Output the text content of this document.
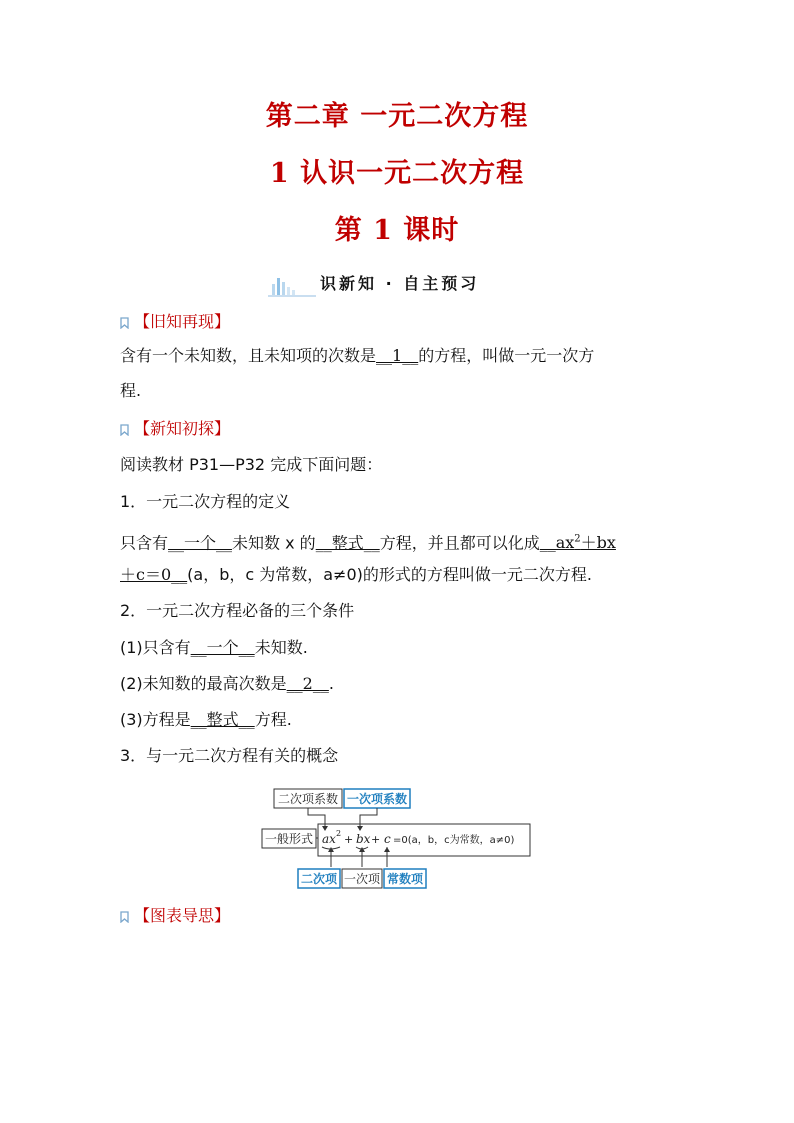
第二章 一元二次方程
1 认识一元二次方程
第 1 课时
识新知 · 自主预习
【旧知再现】
含有一个未知数，且未知项的次数是__1__的方程，叫做一元一次方
程.
【新知初探】
阅读教材 P31—P32 完成下面问题：
1．一元二次方程的定义
只含有__一个__未知数 x 的__整式__方程，并且都可以化成$\_\_ax^2+bx$
＋c＝0__(a，b，c 为常数，a≠0)的形式的方程叫做一元二次方程.
2．一元二次方程必备的三个条件
(1)只含有__一个__未知数.
(2)未知数的最高次数是__2__.
(3)方程是__整式__方程.
3．与一元二次方程有关的概念
二次项系数 一次项系数
一般形式 ax 2 + bx + c =0(a，b，c为常数，a≠0)
二次项 一次项 常数项
【图表导思】
